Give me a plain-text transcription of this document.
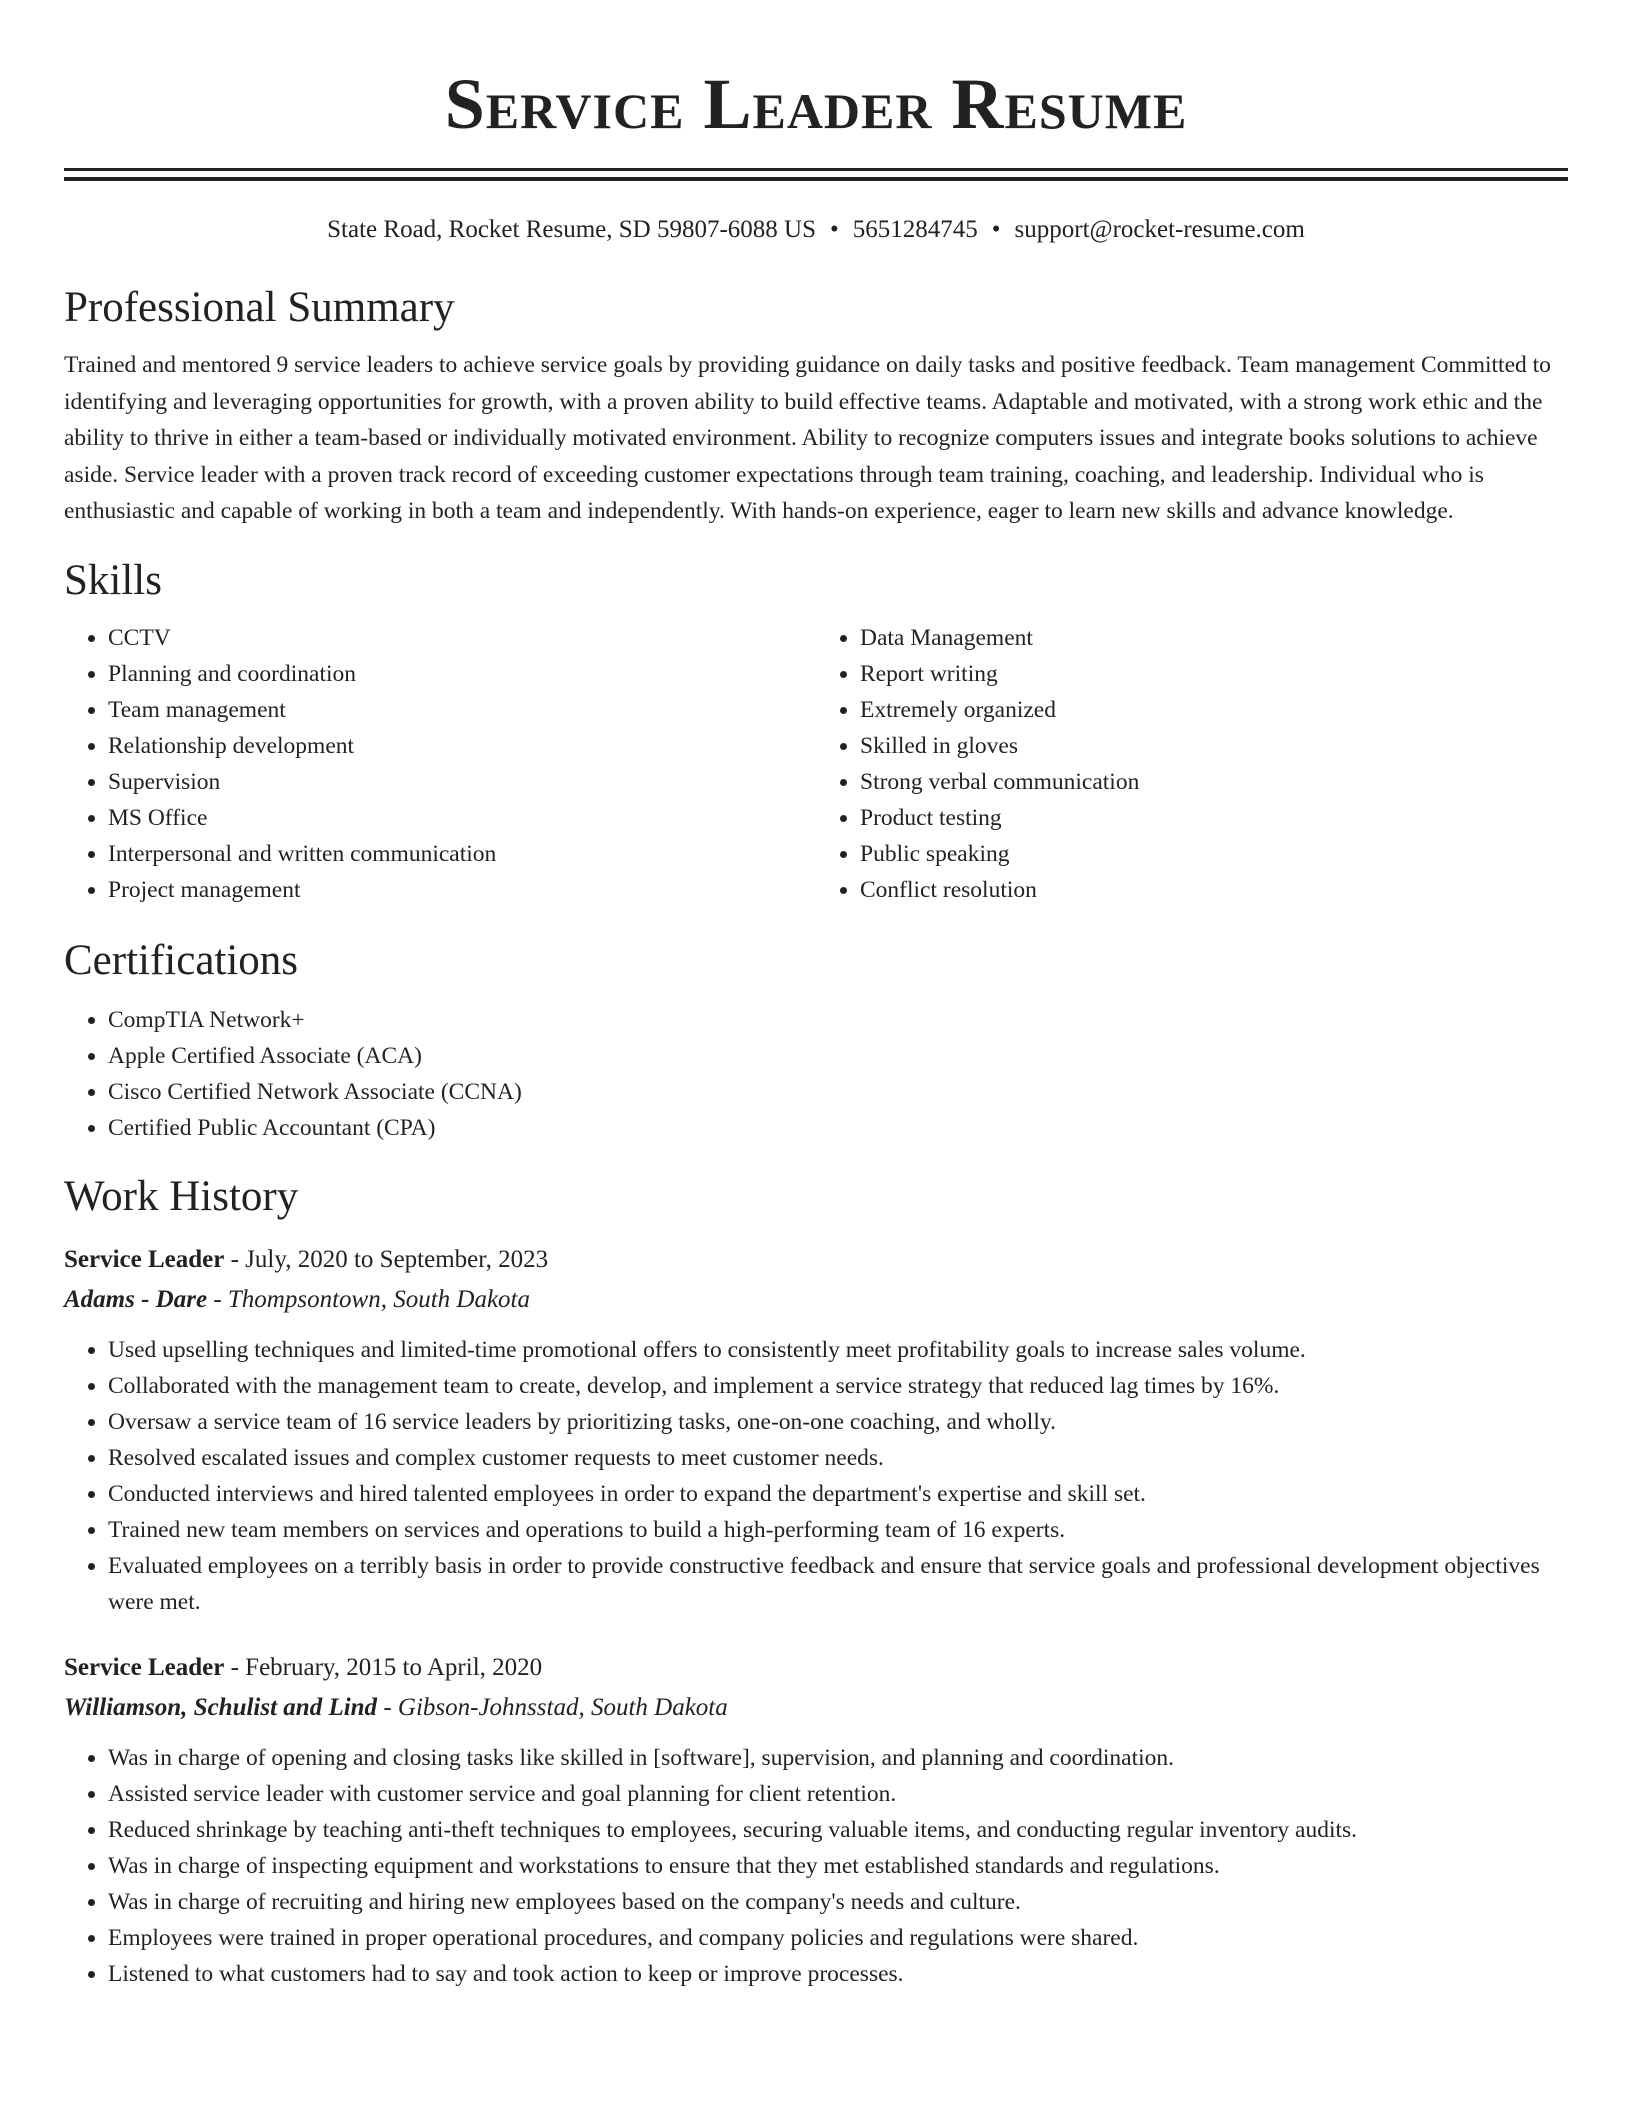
Service Leader Resume
State Road, Rocket Resume, SD 59807-6088 US • 5651284745 • support@rocket-resume.com
Professional Summary
Trained and mentored 9 service leaders to achieve service goals by providing guidance on daily tasks and positive feedback. Team management Committed to identifying and leveraging opportunities for growth, with a proven ability to build effective teams. Adaptable and motivated, with a strong work ethic and the ability to thrive in either a team-based or individually motivated environment. Ability to recognize computers issues and integrate books solutions to achieve aside. Service leader with a proven track record of exceeding customer expectations through team training, coaching, and leadership. Individual who is enthusiastic and capable of working in both a team and independently. With hands-on experience, eager to learn new skills and advance knowledge.
Skills
• CCTV
• Planning and coordination
• Team management
• Relationship development
• Supervision
• MS Office
• Interpersonal and written communication
• Project management
• Data Management
• Report writing
• Extremely organized
• Skilled in gloves
• Strong verbal communication
• Product testing
• Public speaking
• Conflict resolution
Certifications
• CompTIA Network+
• Apple Certified Associate (ACA)
• Cisco Certified Network Associate (CCNA)
• Certified Public Accountant (CPA)
Work History
Service Leader - July, 2020 to September, 2023
Adams - Dare - Thompsontown, South Dakota
• Used upselling techniques and limited-time promotional offers to consistently meet profitability goals to increase sales volume.
• Collaborated with the management team to create, develop, and implement a service strategy that reduced lag times by 16%.
• Oversaw a service team of 16 service leaders by prioritizing tasks, one-on-one coaching, and wholly.
• Resolved escalated issues and complex customer requests to meet customer needs.
• Conducted interviews and hired talented employees in order to expand the department's expertise and skill set.
• Trained new team members on services and operations to build a high-performing team of 16 experts.
• Evaluated employees on a terribly basis in order to provide constructive feedback and ensure that service goals and professional development objectives were met.
Service Leader - February, 2015 to April, 2020
Williamson, Schulist and Lind - Gibson-Johnsstad, South Dakota
• Was in charge of opening and closing tasks like skilled in [software], supervision, and planning and coordination.
• Assisted service leader with customer service and goal planning for client retention.
• Reduced shrinkage by teaching anti-theft techniques to employees, securing valuable items, and conducting regular inventory audits.
• Was in charge of inspecting equipment and workstations to ensure that they met established standards and regulations.
• Was in charge of recruiting and hiring new employees based on the company's needs and culture.
• Employees were trained in proper operational procedures, and company policies and regulations were shared.
• Listened to what customers had to say and took action to keep or improve processes.
